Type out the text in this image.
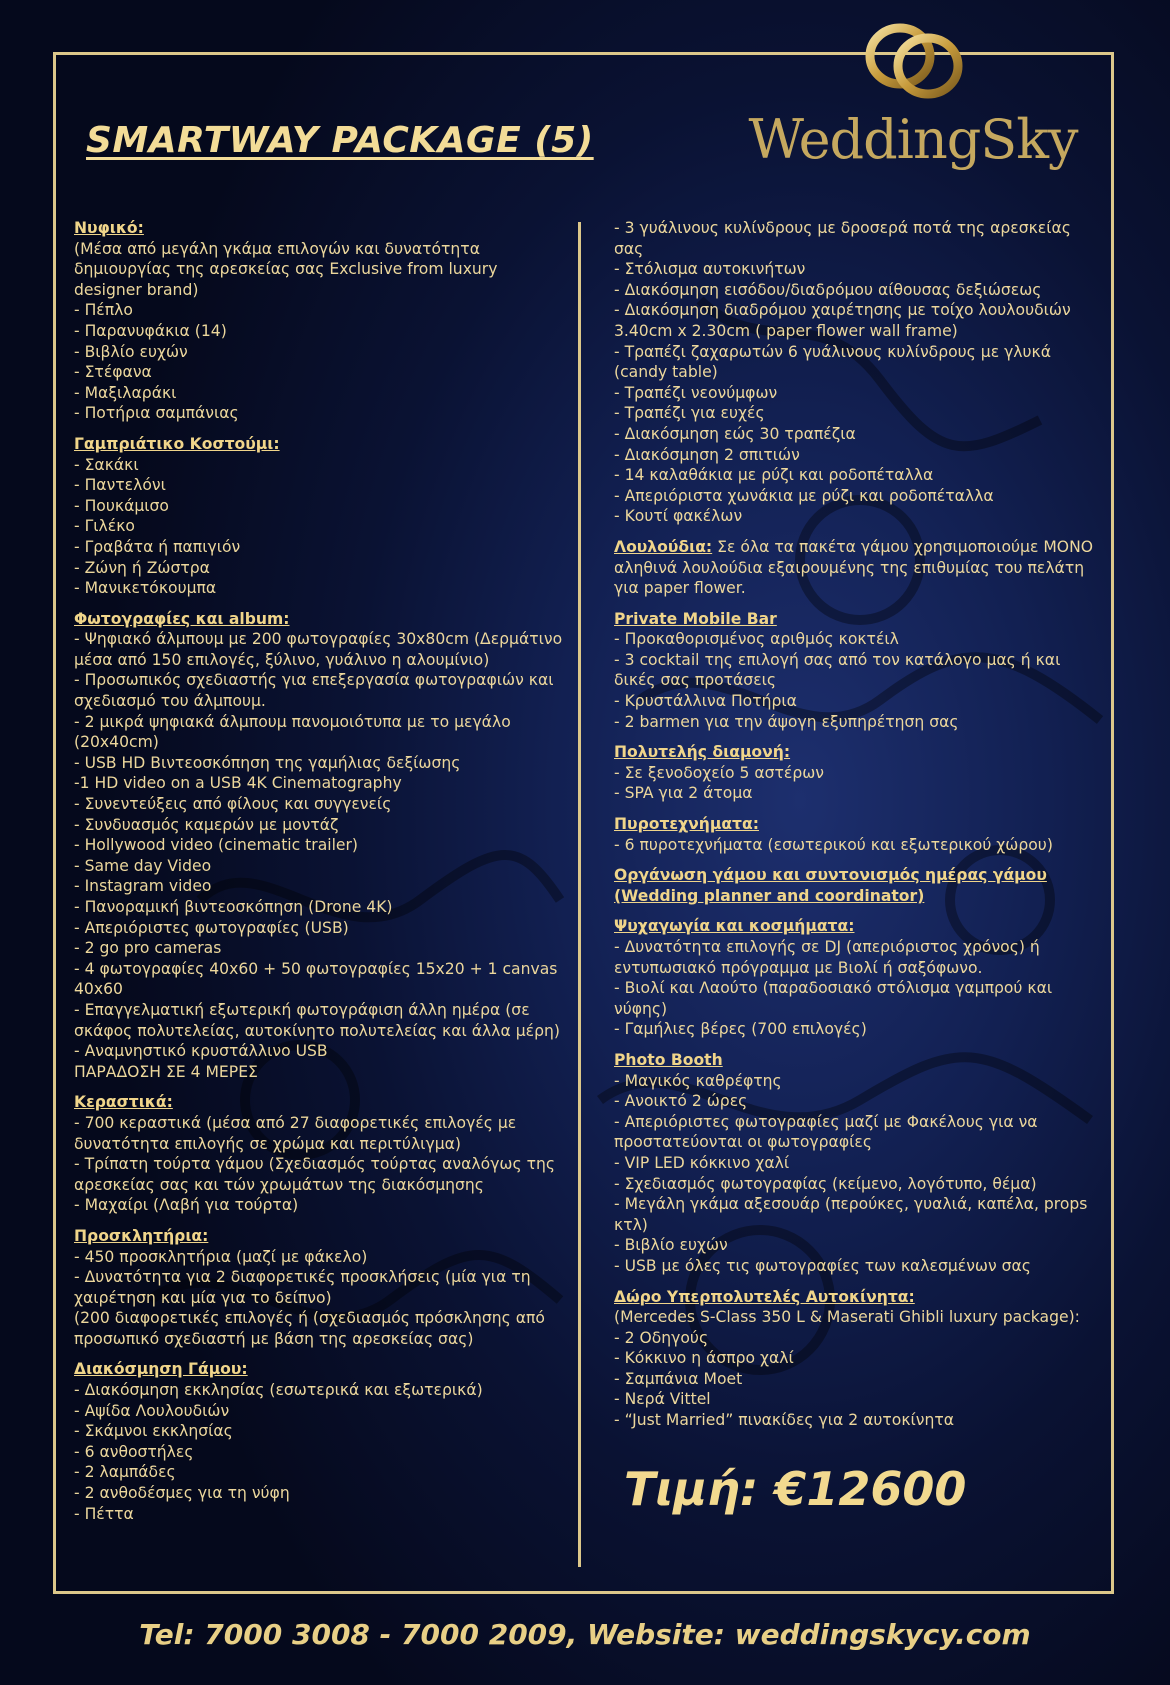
WeddingSky
SMARTWAY PACKAGE (5)
Νυφικό:
(Μέσα από μεγάλη γκάμα επιλογών και δυνατότητα δημιουργίας της αρεσκείας σας Exclusive from luxury designer brand)
- Πέπλο
- Παρανυφάκια (14)
- Βιβλίο ευχών
- Στέφανα
- Μαξιλαράκι
- Ποτήρια σαμπάνιας
Γαμπριάτικο Κοστούμι:
- Σακάκι
- Παντελόνι
- Πουκάμισο
- Γιλέκο
- Γραβάτα ή παπιγιόν
- Ζώνη ή Ζώστρα
- Μανικετόκουμπα
Φωτογραφίες και album:
- Ψηφιακό άλμπουμ με 200 φωτογραφίες 30x80cm (Δερμάτινο μέσα από 150 επιλογές, ξύλινο, γυάλινο η αλουμίνιο)
- Προσωπικός σχεδιαστής για επεξεργασία φωτογραφιών και σχεδιασμό του άλμπουμ.
- 2 μικρά ψηφιακά άλμπουμ πανομοιότυπα με το μεγάλο (20x40cm)
- USB HD Βιντεοσκόπηση της γαμήλιας δεξίωσης
-1 HD video on a USB 4K Cinematography
- Συνεντεύξεις από φίλους και συγγενείς
- Συνδυασμός καμερών με μοντάζ
- Hollywood video (cinematic trailer)
- Same day Video
- Instagram video
- Πανοραμική βιντεοσκόπηση (Drone 4K)
- Απεριόριστες φωτογραφίες (USB)
- 2 go pro cameras
- 4 φωτογραφίες 40x60 + 50 φωτογραφίες 15x20 + 1 canvas 40x60
- Επαγγελματική εξωτερική φωτογράφιση άλλη ημέρα (σε σκάφος πολυτελείας, αυτοκίνητο πολυτελείας και άλλα μέρη)
- Αναμνηστικό κρυστάλλινο USB
ΠΑΡΑΔΟΣΗ ΣΕ 4 ΜΕΡΕΣ
Κεραστικά:
- 700 κεραστικά (μέσα από 27 διαφορετικές επιλογές με δυνατότητα επιλογής σε χρώμα και περιτύλιγμα)
- Τρίπατη τούρτα γάμου (Σχεδιασμός τούρτας αναλόγως της αρεσκείας σας και τών χρωμάτων της διακόσμησης
- Μαχαίρι (Λαβή για τούρτα)
Προσκλητήρια:
- 450 προσκλητήρια (μαζί με φάκελο)
- Δυνατότητα για 2 διαφορετικές προσκλήσεις (μία για τη χαιρέτηση και μία για το δείπνο)
(200 διαφορετικές επιλογές ή (σχεδιασμός πρόσκλησης από προσωπικό σχεδιαστή με βάση της αρεσκείας σας)
Διακόσμηση Γάμου:
- Διακόσμηση εκκλησίας (εσωτερικά και εξωτερικά)
- Αψίδα Λουλουδιών
- Σκάμνοι εκκλησίας
- 6 ανθοστήλες
- 2 λαμπάδες
- 2 ανθοδέσμες για τη νύφη
- Πέττα
- 3 γυάλινους κυλίνδρους με δροσερά ποτά της αρεσκείας σας
- Στόλισμα αυτοκινήτων
- Διακόσμηση εισόδου/διαδρόμου αίθουσας δεξιώσεως
- Διακόσμηση διαδρόμου χαιρέτησης με τοίχο λουλουδιών 3.40cm x 2.30cm ( paper flower wall frame)
- Τραπέζι ζαχαρωτών 6 γυάλινους κυλίνδρους με γλυκά (candy table)
- Τραπέζι νεονύμφων
- Τραπέζι για ευχές
- Διακόσμηση εώς 30 τραπέζια
- Διακόσμηση 2 σπιτιών
- 14 καλαθάκια με ρύζι και ροδοπέταλλα
- Απεριόριστα χωνάκια με ρύζι και ροδοπέταλλα
- Κουτί φακέλων
Λουλούδια: Σε όλα τα πακέτα γάμου χρησιμοποιούμε ΜΟΝΟ αληθινά λουλούδια εξαιρουμένης της επιθυμίας του πελάτη για paper flower.
Private Mobile Bar
- Προκαθορισμένος αριθμός κοκτέιλ
- 3 cocktail της επιλογή σας από τον κατάλογο μας ή και δικές σας προτάσεις
- Κρυστάλλινα Ποτήρια
- 2 barmen για την άψογη εξυπηρέτηση σας
Πολυτελής διαμονή:
- Σε ξενοδοχείο 5 αστέρων
- SPA για 2 άτομα
Πυροτεχνήματα:
- 6 πυροτεχνήματα (εσωτερικού και εξωτερικού χώρου)
Οργάνωση γάμου και συντονισμός ημέρας γάμου (Wedding planner and coordinator)
Ψυχαγωγία και κοσμήματα:
- Δυνατότητα επιλογής σε DJ (απεριόριστος χρόνος) ή εντυπωσιακό πρόγραμμα με Βιολί ή σαξόφωνο.
- Βιολί και Λαούτο (παραδοσιακό στόλισμα γαμπρού και νύφης)
- Γαμήλιες βέρες (700 επιλογές)
Photo Booth
- Μαγικός καθρέφτης
- Ανοικτό 2 ώρες
- Απεριόριστες φωτογραφίες μαζί με Φακέλους για να προστατεύονται οι φωτογραφίες
- VIP LED κόκκινο χαλί
- Σχεδιασμός φωτογραφίας (κείμενο, λογότυπο, θέμα)
- Μεγάλη γκάμα αξεσουάρ (περούκες, γυαλιά, καπέλα, props κτλ)
- Βιβλίο ευχών
- USB με όλες τις φωτογραφίες των καλεσμένων σας
Δώρο Υπερπολυτελές Αυτοκίνητα:
(Mercedes S-Class 350 L & Maserati Ghibli luxury package):
- 2 Οδηγούς
- Κόκκινο η άσπρο χαλί
- Σαμπάνια Moet
- Νερά Vittel
- “Just Married” πινακίδες για 2 αυτοκίνητα
Τιμή: €12600
Tel: 7000 3008 - 7000 2009, Website: weddingskycy.com
